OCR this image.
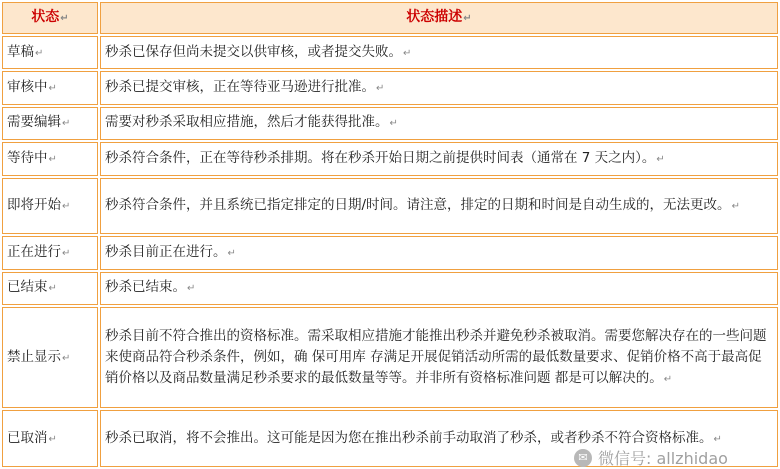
状态↵	状态描述↵
草稿↵	秒杀已保存但尚未提交以供审核，或者提交失败。↵
审核中↵	秒杀已提交审核，正在等待亚马逊进行批准。↵
需要编辑↵	需要对秒杀采取相应措施，然后才能获得批准。↵
等待中↵	秒杀符合条件，正在等待秒杀排期。将在秒杀开始日期之前提供时间表（通常在 7 天之内）。↵
即将开始↵	秒杀符合条件，并且系统已指定排定的日期/时间。请注意，排定的日期和时间是自动生成的，无法更改。↵
正在进行↵	秒杀目前正在进行。↵
已结束↵	秒杀已结束。↵
禁止显示↵	秒杀目前不符合推出的资格标准。需采取相应措施才能推出秒杀并避免秒杀被取消。需要您解决存在的一些问题来使商品符合秒杀条件，例如，确 保可用库 存满足开展促销活动所需的最低数量要求、促销价格不高于最高促销价格以及商品数量满足秒杀要求的最低数量等等。并非所有资格标准问题 都是可以解决的。↵
已取消↵	秒杀已取消，将不会推出。这可能是因为您在推出秒杀前手动取消了秒杀，或者秒杀不符合资格标准。↵
✉ 微信号: allzhidao
